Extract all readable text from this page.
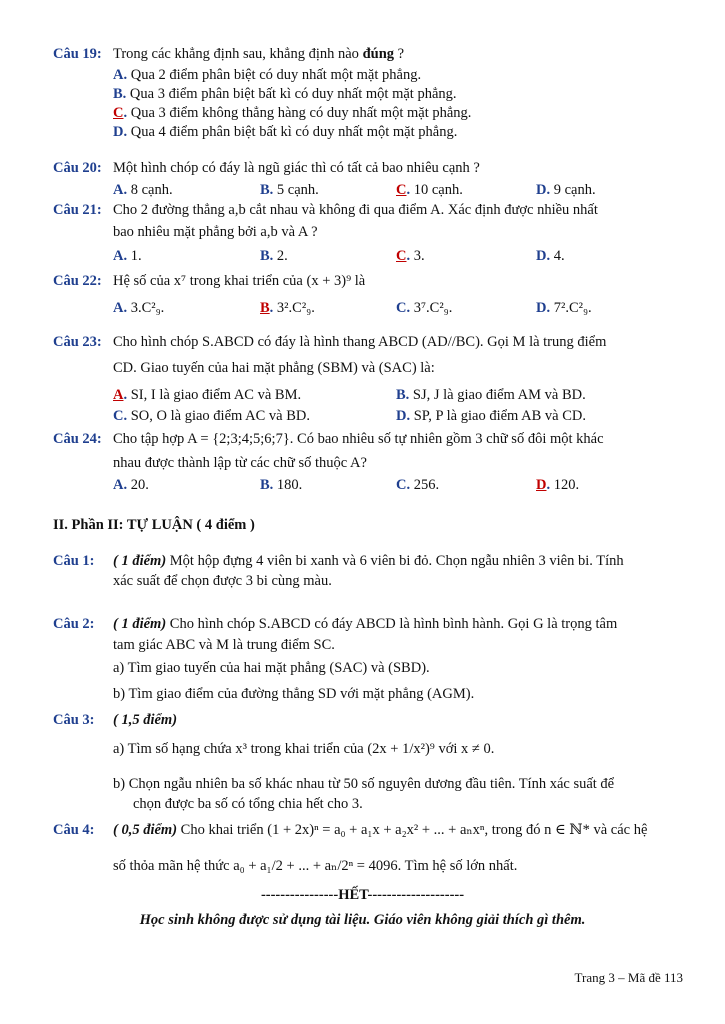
Câu 19: Trong các khẳng định sau, khẳng định nào đúng ?
A. Qua 2 điểm phân biệt có duy nhất một mặt phẳng.
B. Qua 3 điểm phân biệt bất kì có duy nhất một mặt phẳng.
C. Qua 3 điểm không thẳng hàng có duy nhất một mặt phẳng.
D. Qua 4 điểm phân biệt bất kì có duy nhất một mặt phẳng.
Câu 20: Một hình chóp có đáy là ngũ giác thì có tất cả bao nhiêu cạnh ?
A. 8 cạnh.	B. 5 cạnh.	C. 10 cạnh.	D. 9 cạnh.
Câu 21: Cho 2 đường thẳng a,b cắt nhau và không đi qua điểm A. Xác định được nhiều nhất
bao nhiêu mặt phẳng bởi a,b và A ?
A. 1.	B. 2.	C. 3.	D. 4.
Câu 22: Hệ số của x⁷ trong khai triển của (x + 3)⁹ là
A. 3.C²₉.	B. 3².C²₉.	C. 3⁷.C²₉.	D. 7².C²₉.
Câu 23: Cho hình chóp S.ABCD có đáy là hình thang ABCD (AD//BC). Gọi M là trung điểm
CD. Giao tuyến của hai mặt phẳng (SBM) và (SAC) là:
A. SI, I là giao điểm AC và BM.	B. SJ, J là giao điểm AM và BD.
C. SO, O là giao điểm AC và BD.	D. SP, P là giao điểm AB và CD.
Câu 24: Cho tập hợp A = {2;3;4;5;6;7}. Có bao nhiêu số tự nhiên gồm 3 chữ số đôi một khác
nhau được thành lập từ các chữ số thuộc A?
A. 20.	B. 180.	C. 256.	D. 120.
II. Phần II: TỰ LUẬN ( 4 điểm )
Câu 1: ( 1 điểm) Một hộp đựng 4 viên bi xanh và 6 viên bi đỏ. Chọn ngẫu nhiên 3 viên bi. Tính
xác suất để chọn được 3 bi cùng màu.
Câu 2: ( 1 điểm) Cho hình chóp S.ABCD có đáy ABCD là hình bình hành. Gọi G là trọng tâm
tam giác ABC và M là trung điểm SC.
a) Tìm giao tuyến của hai mặt phẳng (SAC) và (SBD).
b) Tìm giao điểm của đường thẳng SD với mặt phẳng (AGM).
Câu 3: ( 1,5 điểm)
a) Tìm số hạng chứa x³ trong khai triển của (2x + 1/x²)⁹ với x ≠ 0.
b) Chọn ngẫu nhiên ba số khác nhau từ 50 số nguyên dương đầu tiên. Tính xác suất để
chọn được ba số có tổng chia hết cho 3.
Câu 4: ( 0,5 điểm) Cho khai triển (1 + 2x)ⁿ = a₀ + a₁x + a₂x² + ... + aₙxⁿ, trong đó n ∈ ℕ* và các hệ
số thỏa mãn hệ thức a₀ + a₁/2 + ... + aₙ/2ⁿ = 4096. Tìm hệ số lớn nhất.
----------------HẾT--------------------
Học sinh không được sử dụng tài liệu. Giáo viên không giải thích gì thêm.
Trang 3 – Mã đề 113
